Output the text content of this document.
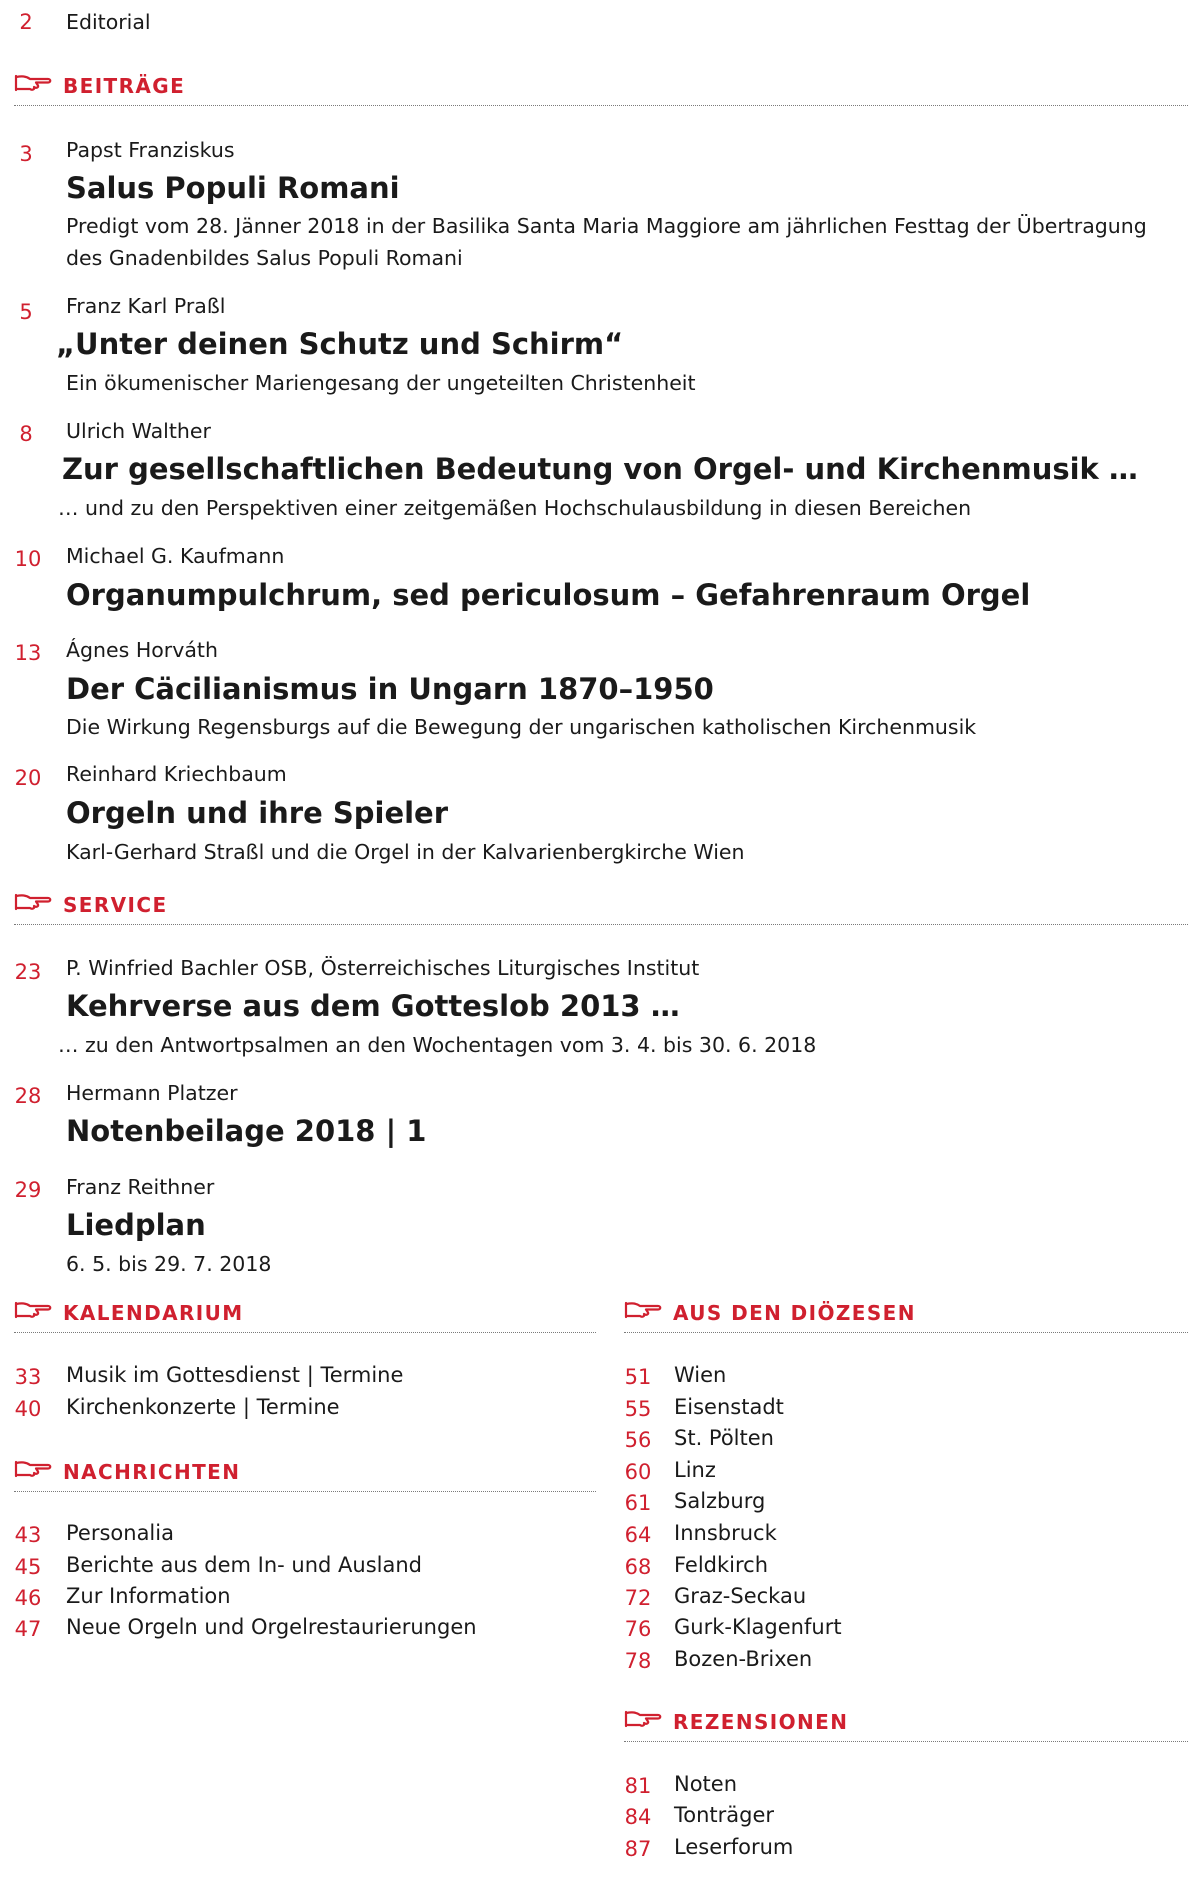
2	Editorial
BEITRÄGE
3	Papst Franziskus
Salus Populi Romani
Predigt vom 28. Jänner 2018 in der Basilika Santa Maria Maggiore am jährlichen Festtag der Übertragung des Gnadenbildes Salus Populi Romani
5	Franz Karl Praßl
„Unter deinen Schutz und Schirm“
Ein ökumenischer Mariengesang der ungeteilten Christenheit
8	Ulrich Walther
Zur gesellschaftlichen Bedeutung von Orgel- und Kirchenmusik …
… und zu den Perspektiven einer zeitgemäßen Hochschulausbildung in diesen Bereichen
10	Michael G. Kaufmann
Organumpulchrum, sed periculosum – Gefahrenraum Orgel
13	Ágnes Horváth
Der Cäcilianismus in Ungarn 1870–1950
Die Wirkung Regensburgs auf die Bewegung der ungarischen katholischen Kirchenmusik
20	Reinhard Kriechbaum
Orgeln und ihre Spieler
Karl-Gerhard Straßl und die Orgel in der Kalvarienbergkirche Wien
SERVICE
23	P. Winfried Bachler OSB, Österreichisches Liturgisches Institut
Kehrverse aus dem Gotteslob 2013 …
… zu den Antwortpsalmen an den Wochentagen vom 3. 4. bis 30. 6. 2018
28	Hermann Platzer
Notenbeilage 2018 | 1
29	Franz Reithner
Liedplan
6. 5. bis 29. 7. 2018
KALENDARIUM	AUS DEN DIÖZESEN
33	Musik im Gottesdienst | Termine
40	Kirchenkonzerte | Termine
NACHRICHTEN
43	Personalia
45	Berichte aus dem In- und Ausland
46	Zur Information
47	Neue Orgeln und Orgelrestaurierungen
51	Wien
55	Eisenstadt
56	St. Pölten
60	Linz
61	Salzburg
64	Innsbruck
68	Feldkirch
72	Graz-Seckau
76	Gurk-Klagenfurt
78	Bozen-Brixen
REZENSIONEN
81	Noten
84	Tonträger
87	Leserforum
